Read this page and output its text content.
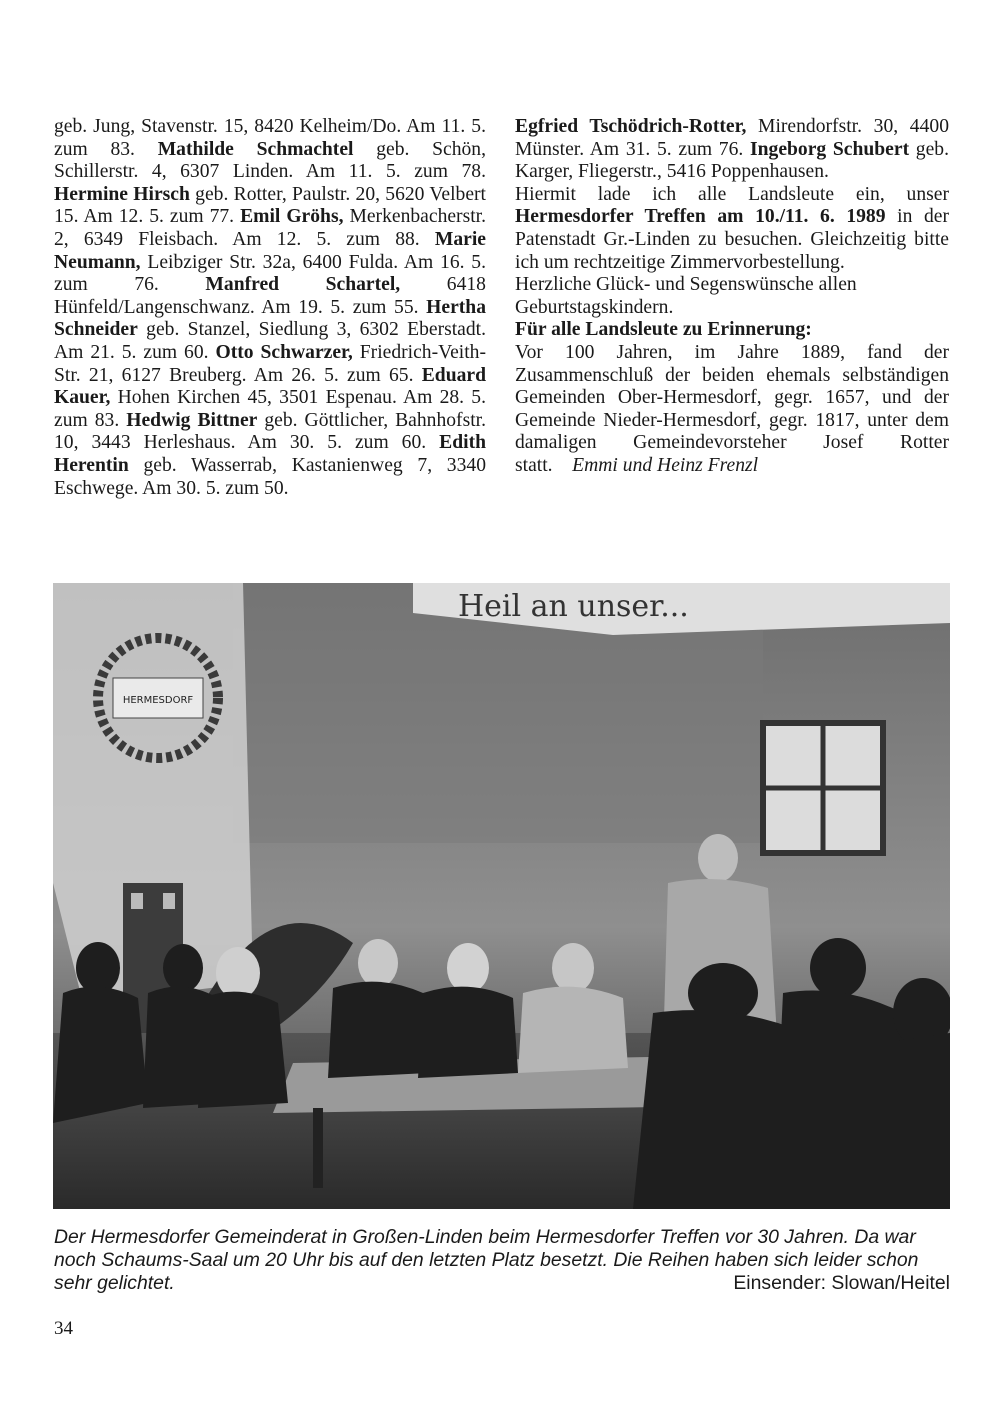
geb. Jung, Stavenstr. 15, 8420 Kelheim/Do. Am 11. 5. zum 83. Mathilde Schmachtel geb. Schön, Schillerstr. 4, 6307 Linden. Am 11. 5. zum 78. Hermine Hirsch geb. Rotter, Paulstr. 20, 5620 Velbert 15. Am 12. 5. zum 77. Emil Gröhs, Merkenbacherstr. 2, 6349 Fleisbach. Am 12. 5. zum 88. Marie Neumann, Leibziger Str. 32a, 6400 Fulda. Am 16. 5. zum 76. Manfred Schartel, 6418 Hünfeld/Langenschwanz. Am 19. 5. zum 55. Hertha Schneider geb. Stanzel, Siedlung 3, 6302 Eberstadt. Am 21. 5. zum 60. Otto Schwarzer, Friedrich-Veith-Str. 21, 6127 Breuberg. Am 26. 5. zum 65. Eduard Kauer, Hohen Kirchen 45, 3501 Espenau. Am 28. 5. zum 83. Hedwig Bittner geb. Göttlicher, Bahnhofstr. 10, 3443 Herleshaus. Am 30. 5. zum 60. Edith Herentin geb. Wasserrab, Kastanienweg 7, 3340 Eschwege. Am 30. 5. zum 50.

Egfried Tschödrich-Rotter, Mirendorfstr. 30, 4400 Münster. Am 31. 5. zum 76. Ingeborg Schubert geb. Karger, Fliegerstr., 5416 Poppenhausen.

Hiermit lade ich alle Landsleute ein, unser Hermesdorfer Treffen am 10./11. 6. 1989 in der Patenstadt Gr.-Linden zu besuchen. Gleichzeitig bitte ich um rechtzeitige Zimmervorbestellung.

Herzliche Glück- und Segenswünsche allen Geburtstagskindern.

Für alle Landsleute zu Erinnerung:

Vor 100 Jahren, im Jahre 1889, fand der Zusammenschluß der beiden ehemals selbständigen Gemeinden Ober-Hermesdorf, gegr. 1657, und der Gemeinde Nieder-Hermesdorf, gegr. 1817, unter dem damaligen Gemeindevorsteher Josef Rotter statt. Emmi und Heinz Frenzl

Heil an unser...
HERMESDORF
Der Hermesdorfer Gemeinderat in Großen-Linden beim Hermesdorfer Treffen vor 30 Jahren. Da war noch Schaums-Saal um 20 Uhr bis auf den letzten Platz besetzt. Die Reihen haben sich leider schon sehr gelichtet.	Einsender: Slowan/Heitel
34
